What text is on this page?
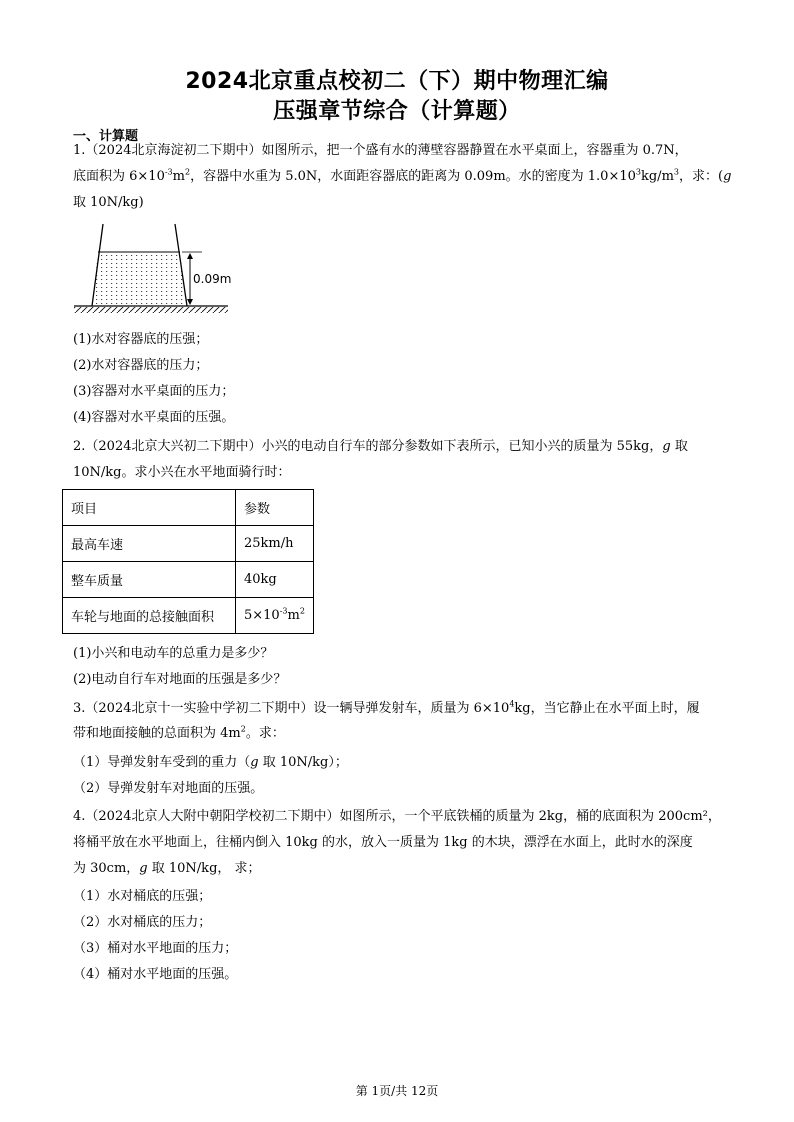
2024北京重点校初二（下）期中物理汇编
压强章节综合（计算题）
一、计算题
1.（2024北京海淀初二下期中）如图所示，把一个盛有水的薄壁容器静置在水平桌面上，容器重为 0.7N，
底面积为 $6\times 10^{-3}m^2$，容器中水重为 5.0N，水面距容器底的距离为 0.09m。水的密度为 $1.0\times 10^3kg/m^3$，求：(g
取 10N/kg)
0.09m
(1)水对容器底的压强；
(2)水对容器底的压力；
(3)容器对水平桌面的压力；
(4)容器对水平桌面的压强。
2.（2024北京大兴初二下期中）小兴的电动自行车的部分参数如下表所示，已知小兴的质量为 55kg，g 取
10N/kg。求小兴在水平地面骑行时：
项目	参数
最高车速	25km/h
整车质量	40kg
车轮与地面的总接触面积	$5\times 10^{-3}m^2$
(1)小兴和电动车的总重力是多少？
(2)电动自行车对地面的压强是多少？
3.（2024北京十一实验中学初二下期中）设一辆导弹发射车，质量为 $6\times 10^4kg$，当它静止在水平面上时，履
带和地面接触的总面积为 $4m^2$。求：
（1）导弹发射车受到的重力（g 取 10N/kg）；
（2）导弹发射车对地面的压强。
4.（2024北京人大附中朝阳学校初二下期中）如图所示，一个平底铁桶的质量为 2kg，桶的底面积为 200cm²，
将桶平放在水平地面上，往桶内倒入 10kg 的水，放入一质量为 1kg 的木块，漂浮在水面上，此时水的深度
为 30cm，g 取 10N/kg， 求；
（1）水对桶底的压强；
（2）水对桶底的压力；
（3）桶对水平地面的压力；
（4）桶对水平地面的压强。
第 1页/共 12页
